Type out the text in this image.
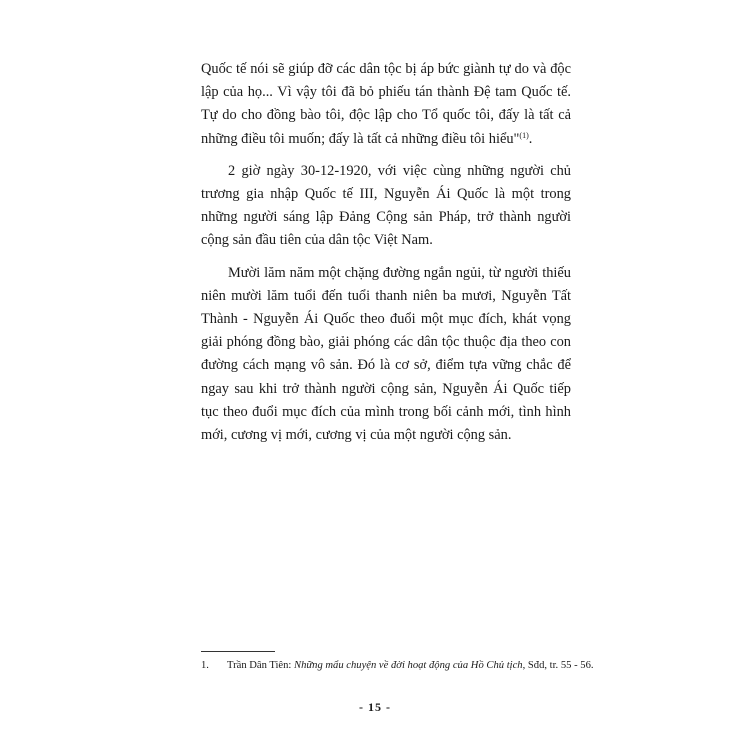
Quốc tế nói sẽ giúp đỡ các dân tộc bị áp bức giành tự do và độc lập của họ... Vì vậy tôi đã bỏ phiếu tán thành Đệ tam Quốc tế. Tự do cho đồng bào tôi, độc lập cho Tổ quốc tôi, đấy là tất cả những điều tôi muốn; đấy là tất cả những điều tôi hiểu"$^{(1)}$.

2 giờ ngày 30-12-1920, với việc cùng những người chủ trương gia nhập Quốc tế III, Nguyễn Ái Quốc là một trong những người sáng lập Đảng Cộng sản Pháp, trở thành người cộng sản đầu tiên của dân tộc Việt Nam.

Mười lăm năm một chặng đường ngắn ngủi, từ người thiếu niên mười lăm tuổi đến tuổi thanh niên ba mươi, Nguyễn Tất Thành - Nguyễn Ái Quốc theo đuổi một mục đích, khát vọng giải phóng đồng bào, giải phóng các dân tộc thuộc địa theo con đường cách mạng vô sản. Đó là cơ sở, điểm tựa vững chắc để ngay sau khi trở thành người cộng sản, Nguyễn Ái Quốc tiếp tục theo đuổi mục đích của mình trong bối cảnh mới, tình hình mới, cương vị mới, cương vị của một người cộng sản.

1. Trần Dân Tiên: Những mẩu chuyện về đời hoạt động của Hồ Chủ tịch, Sđd, tr. 55 - 56.
- 15 -
